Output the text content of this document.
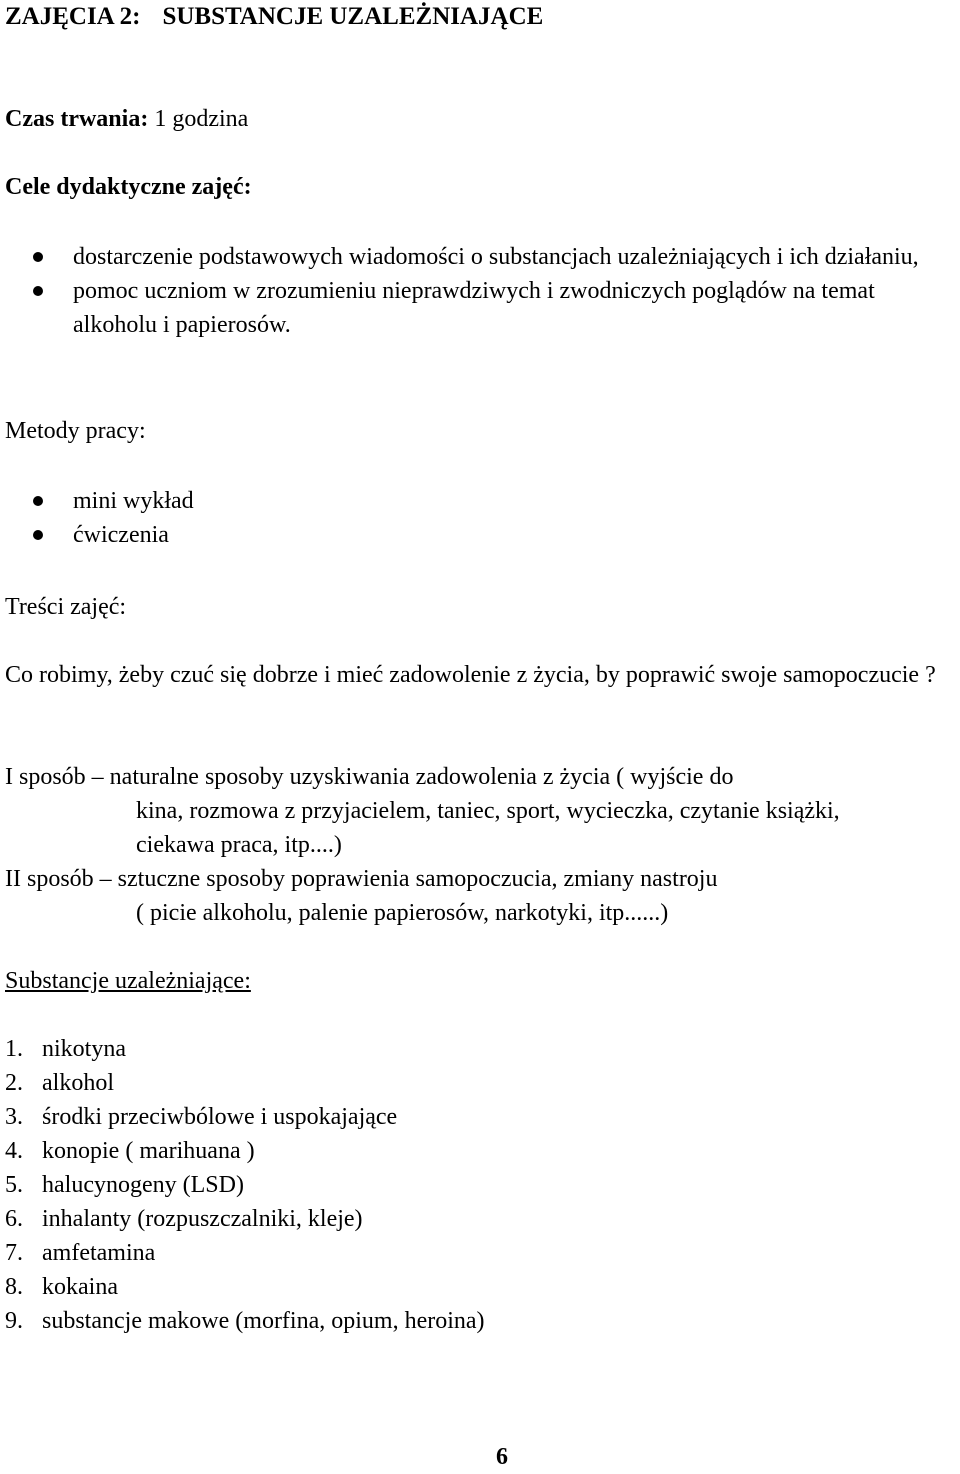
ZAJĘCIA 2: SUBSTANCJE UZALEŻNIAJĄCE
Czas trwania: 1 godzina
Cele dydaktyczne zajęć:
dostarczenie podstawowych wiadomości o substancjach uzależniających i ich działaniu,
pomoc uczniom w zrozumieniu nieprawdziwych i zwodniczych poglądów na temat alkoholu i papierosów.
Metody pracy:
mini wykład
ćwiczenia
Treści zajęć:
Co robimy, żeby czuć się dobrze i mieć zadowolenie z życia, by poprawić swoje samopoczucie ?
I sposób – naturalne sposoby uzyskiwania zadowolenia z życia ( wyjście do
kina, rozmowa z przyjacielem, taniec, sport, wycieczka, czytanie książki, ciekawa praca, itp....)
II sposób – sztuczne sposoby poprawienia samopoczucia, zmiany nastroju
( picie alkoholu, palenie papierosów, narkotyki, itp......)
Substancje uzależniające:
1. nikotyna
2. alkohol
3. środki przeciwbólowe i uspokajające
4. konopie ( marihuana )
5. halucynogeny (LSD)
6. inhalanty (rozpuszczalniki, kleje)
7. amfetamina
8. kokaina
9. substancje makowe (morfina, opium, heroina)
6
